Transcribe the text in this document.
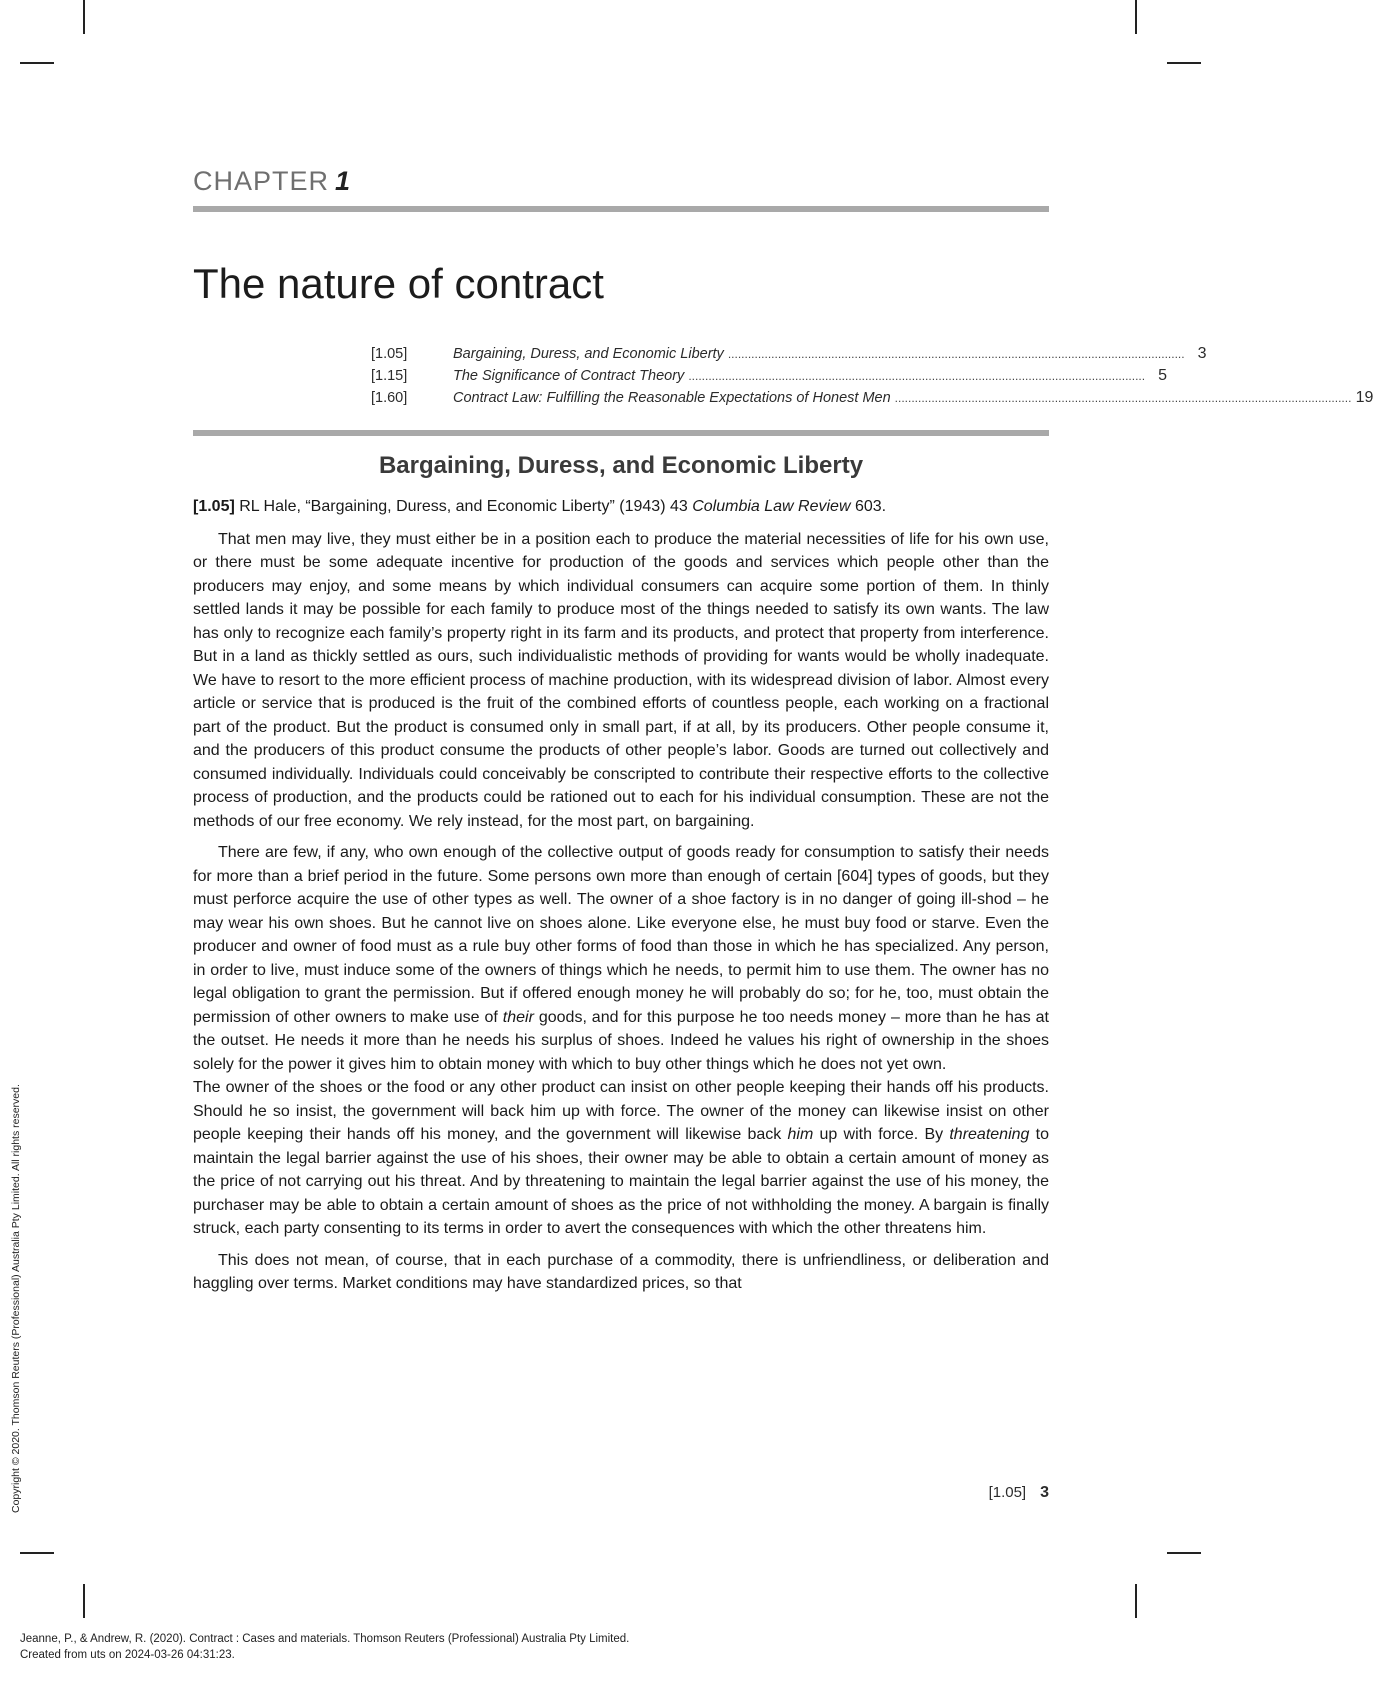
CHAPTER 1
The nature of contract
[1.05]	Bargaining, Duress, and Economic Liberty ......................................................................................................................................... 3
[1.15]	The Significance of Contract Theory ......................................................................................................................................... 5
[1.60]	Contract Law: Fulfilling the Reasonable Expectations of Honest Men ......................................................................................................................................... 19
Bargaining, Duress, and Economic Liberty

[1.05] RL Hale, “Bargaining, Duress, and Economic Liberty” (1943) 43 Columbia Law Review 603.

That men may live, they must either be in a position each to produce the material necessities of life for his own use, or there must be some adequate incentive for production of the goods and services which people other than the producers may enjoy, and some means by which individual consumers can acquire some portion of them. In thinly settled lands it may be possible for each family to produce most of the things needed to satisfy its own wants. The law has only to recognize each family’s property right in its farm and its products, and protect that property from interference. But in a land as thickly settled as ours, such individualistic methods of providing for wants would be wholly inadequate. We have to resort to the more efficient process of machine production, with its widespread division of labor. Almost every article or service that is produced is the fruit of the combined efforts of countless people, each working on a fractional part of the product. But the product is consumed only in small part, if at all, by its producers. Other people consume it, and the producers of this product consume the products of other people’s labor. Goods are turned out collectively and consumed individually. Individuals could conceivably be conscripted to contribute their respective efforts to the collective process of production, and the products could be rationed out to each for his individual consumption. These are not the methods of our free economy. We rely instead, for the most part, on bargaining.

There are few, if any, who own enough of the collective output of goods ready for consumption to satisfy their needs for more than a brief period in the future. Some persons own more than enough of certain [604] types of goods, but they must perforce acquire the use of other types as well. The owner of a shoe factory is in no danger of going ill-shod – he may wear his own shoes. But he cannot live on shoes alone. Like everyone else, he must buy food or starve. Even the producer and owner of food must as a rule buy other forms of food than those in which he has specialized. Any person, in order to live, must induce some of the owners of things which he needs, to permit him to use them. The owner has no legal obligation to grant the permission. But if offered enough money he will probably do so; for he, too, must obtain the permission of other owners to make use of their goods, and for this purpose he too needs money – more than he has at the outset. He needs it more than he needs his surplus of shoes. Indeed he values his right of ownership in the shoes solely for the power it gives him to obtain money with which to buy other things which he does not yet own.

The owner of the shoes or the food or any other product can insist on other people keeping their hands off his products. Should he so insist, the government will back him up with force. The owner of the money can likewise insist on other people keeping their hands off his money, and the government will likewise back him up with force. By threatening to maintain the legal barrier against the use of his shoes, their owner may be able to obtain a certain amount of money as the price of not carrying out his threat. And by threatening to maintain the legal barrier against the use of his money, the purchaser may be able to obtain a certain amount of shoes as the price of not withholding the money. A bargain is finally struck, each party consenting to its terms in order to avert the consequences with which the other threatens him.

This does not mean, of course, that in each purchase of a commodity, there is unfriendliness, or deliberation and haggling over terms. Market conditions may have standardized prices, so that

[1.05] 3
Copyright © 2020. Thomson Reuters (Professional) Australia Pty Limited. All rights reserved.
Jeanne, P., & Andrew, R. (2020). Contract : Cases and materials. Thomson Reuters (Professional) Australia Pty Limited.
Created from uts on 2024-03-26 04:31:23.
